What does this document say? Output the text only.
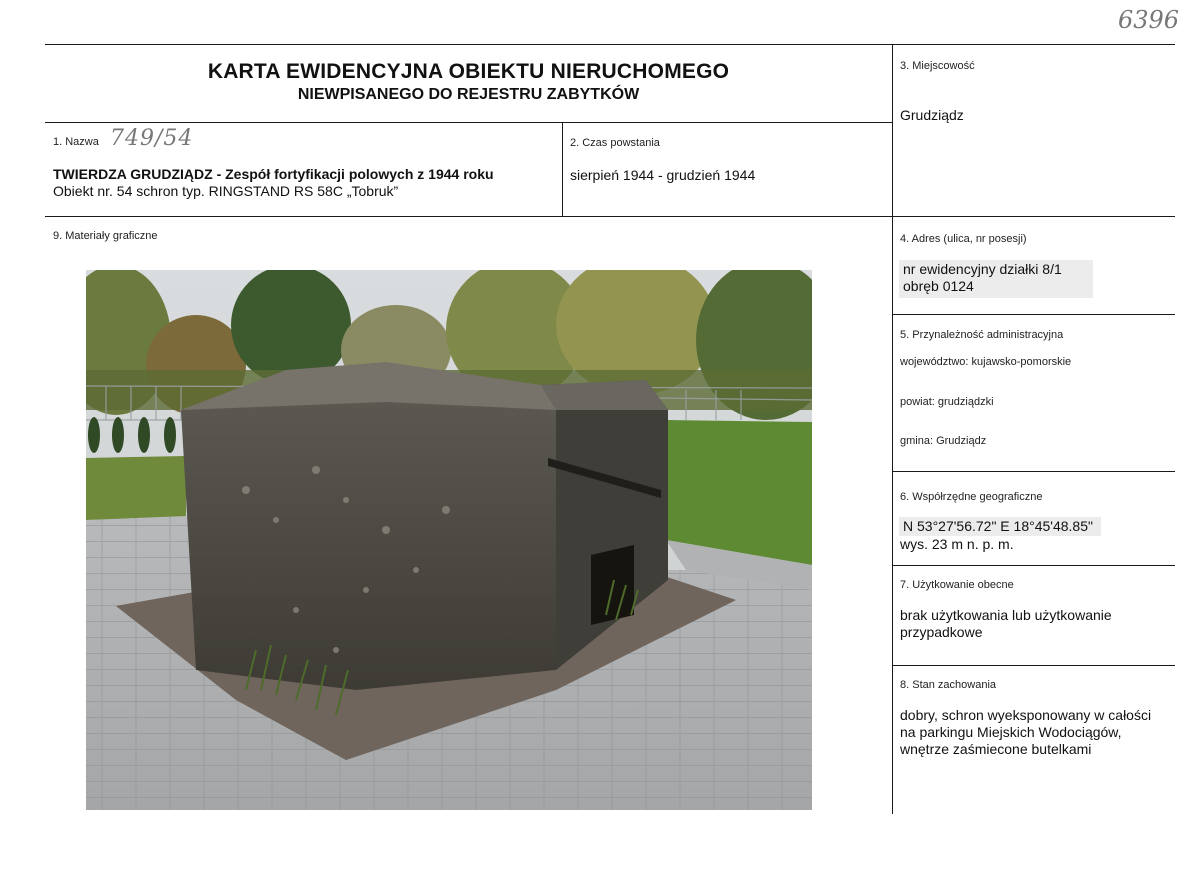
6396
KARTA EWIDENCYJNA OBIEKTU NIERUCHOMEGO
NIEWPISANEGO DO REJESTRU ZABYTKÓW
1. Nazwa 749/54
TWIERDZA GRUDZIĄDZ - Zespół fortyfikacji polowych z 1944 roku
Obiekt nr. 54 schron typ. RINGSTAND RS 58C „Tobruk”
2. Czas powstania
sierpień 1944 - grudzień 1944
3. Miejscowość
Grudziądz
4. Adres (ulica, nr posesji)
nr ewidencyjny działki 8/1
obręb 0124
5. Przynależność administracyjna
województwo: kujawsko-pomorskie
powiat: grudziądzki
gmina: Grudziądz
6. Współrzędne geograficzne
N 53°27'56.72" E 18°45'48.85"
wys. 23 m n. p. m.
7. Użytkowanie obecne
brak użytkowania lub użytkowanie
przypadkowe
8. Stan zachowania
dobry, schron wyeksponowany w całości
na parkingu Miejskich Wodociągów,
wnętrze zaśmiecone butelkami
9. Materiały graficzne
